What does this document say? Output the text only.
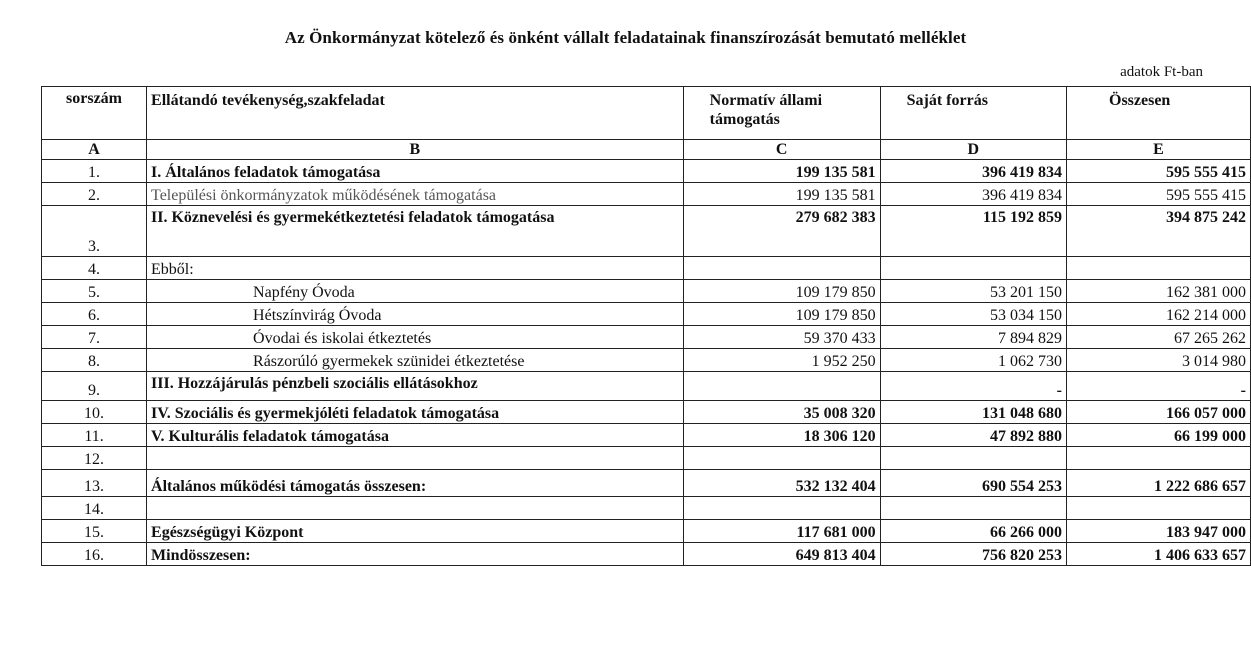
Az Önkormányzat kötelező és önként vállalt feladatainak finanszírozását bemutató melléklet
adatok Ft-ban
sorszám	Ellátandó tevékenység,szakfeladat	Normatív állami támogatás	Saját forrás	Összesen
A	B	C	D	E
1.	I. Általános feladatok támogatása	199 135 581	396 419 834	595 555 415
2.	Települési önkormányzatok működésének támogatása	199 135 581	396 419 834	595 555 415
3.	II. Köznevelési és gyermekétkeztetési feladatok támogatása	279 682 383	115 192 859	394 875 242
4.	Ebből:			
5.	Napfény Óvoda	109 179 850	53 201 150	162 381 000
6.	Hétszínvirág Óvoda	109 179 850	53 034 150	162 214 000
7.	Óvodai és iskolai étkeztetés	59 370 433	7 894 829	67 265 262
8.	Rászorúló gyermekek szünidei étkeztetése	1 952 250	1 062 730	3 014 980
9.	III. Hozzájárulás pénzbeli szociális ellátásokhoz		-	-
10.	IV. Szociális és gyermekjóléti feladatok támogatása	35 008 320	131 048 680	166 057 000
11.	V. Kulturális feladatok támogatása	18 306 120	47 892 880	66 199 000
12.				
13.	Általános működési támogatás összesen:	532 132 404	690 554 253	1 222 686 657
14.				
15.	Egészségügyi Központ	117 681 000	66 266 000	183 947 000
16.	Mindösszesen:	649 813 404	756 820 253	1 406 633 657
